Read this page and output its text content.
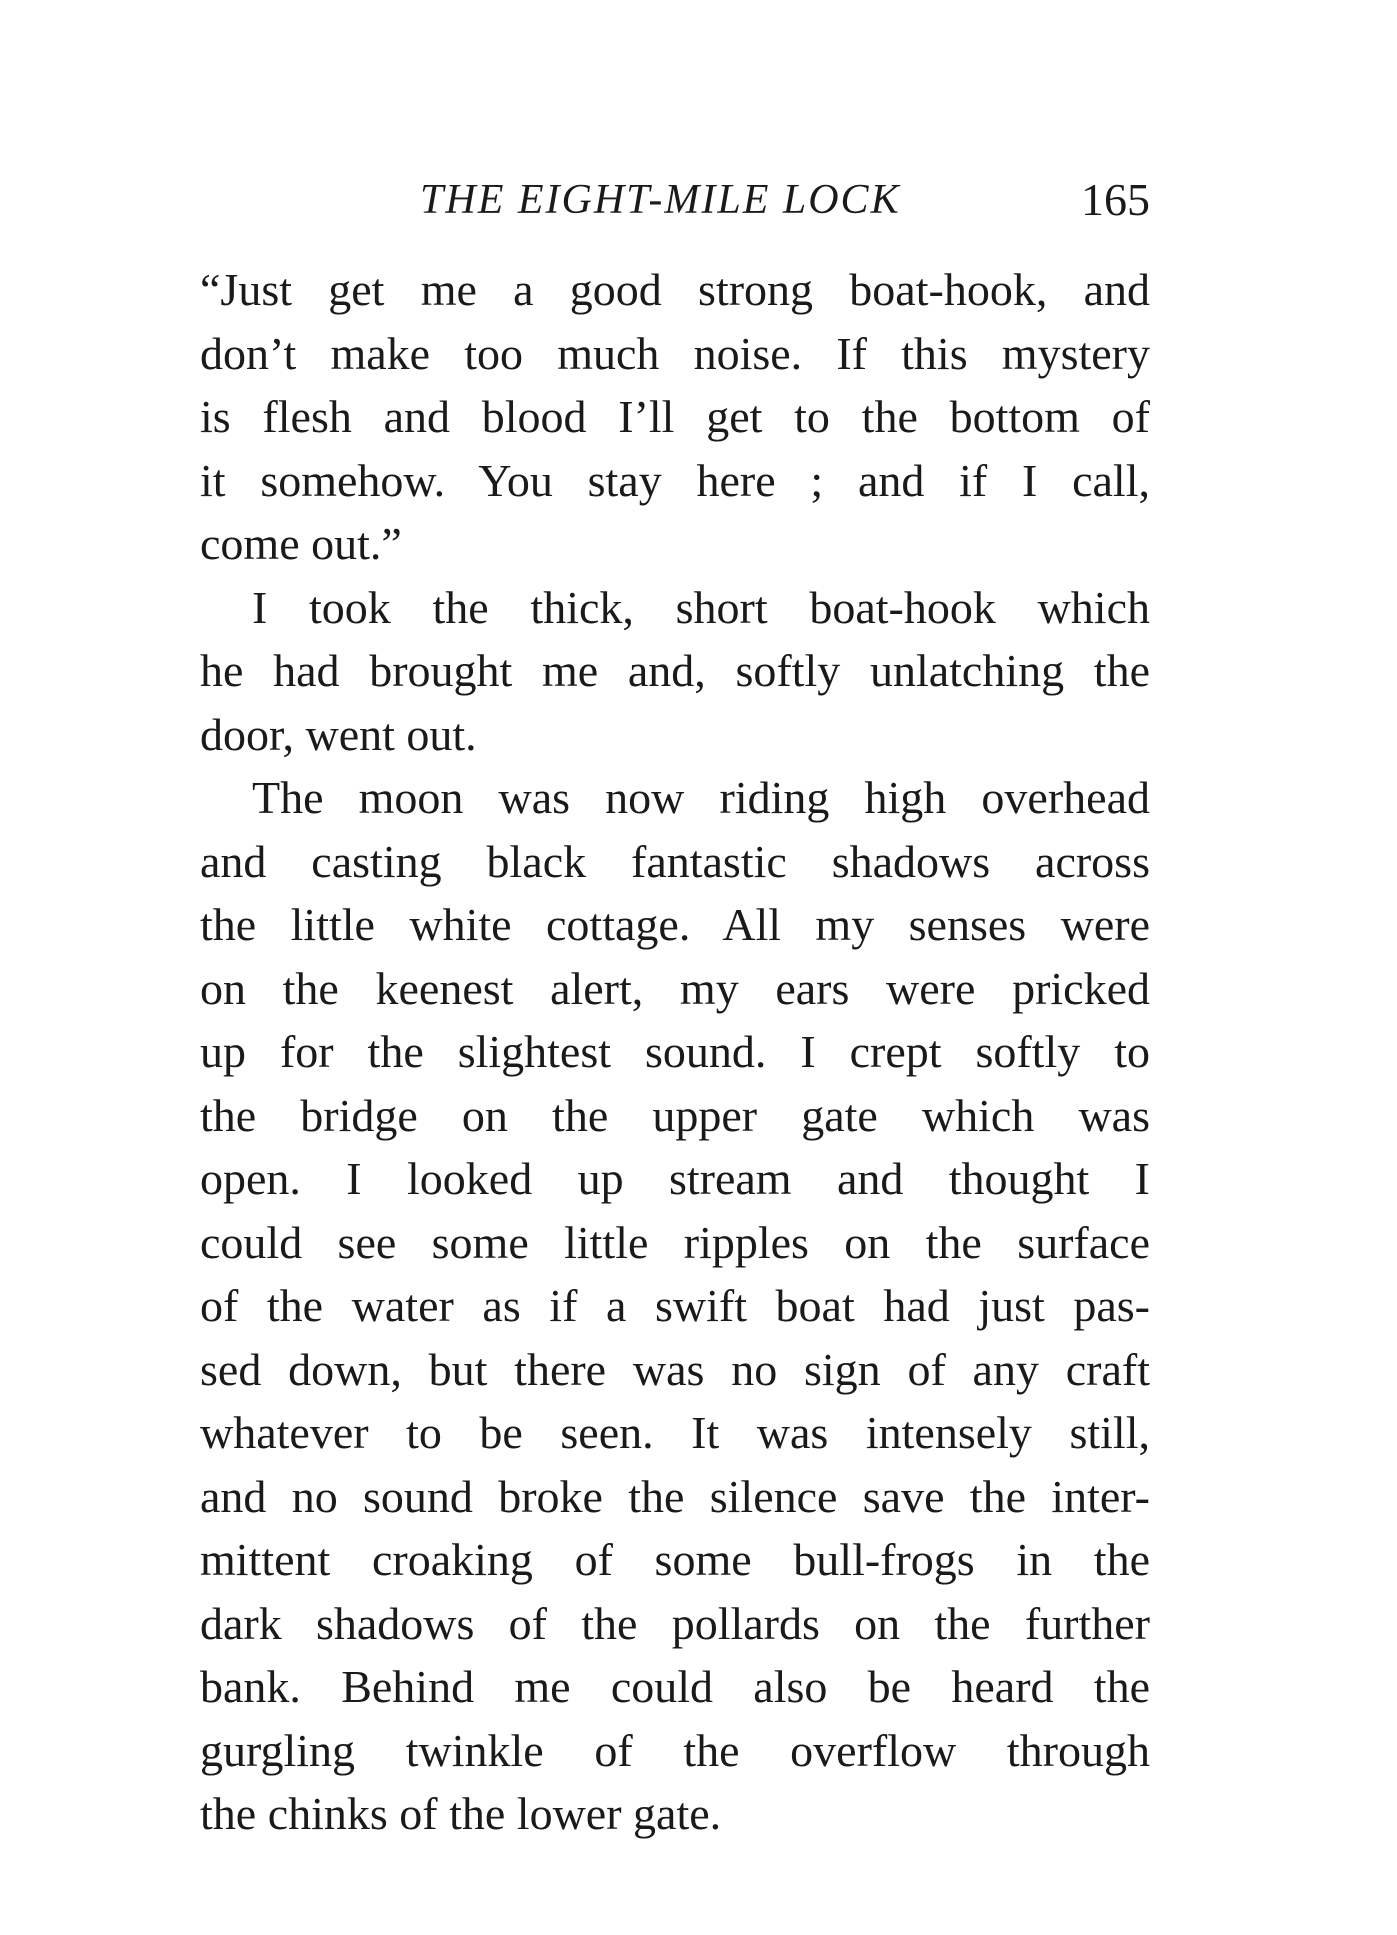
THE EIGHT-MILE LOCK	165

“Just get me a good strong boat-hook, and
don’t make too much noise. If this mystery
is flesh and blood I’ll get to the bottom of
it somehow. You stay here ; and if I call,
come out.”

I took the thick, short boat-hook which
he had brought me and, softly unlatching the
door, went out.

The moon was now riding high overhead
and casting black fantastic shadows across
the little white cottage. All my senses were
on the keenest alert, my ears were pricked
up for the slightest sound. I crept softly to
the bridge on the upper gate which was
open. I looked up stream and thought I
could see some little ripples on the surface
of the water as if a swift boat had just pas-
sed down, but there was no sign of any craft
whatever to be seen. It was intensely still,
and no sound broke the silence save the inter-
mittent croaking of some bull-frogs in the
dark shadows of the pollards on the further
bank. Behind me could also be heard the
gurgling twinkle of the overflow through
the chinks of the lower gate.
